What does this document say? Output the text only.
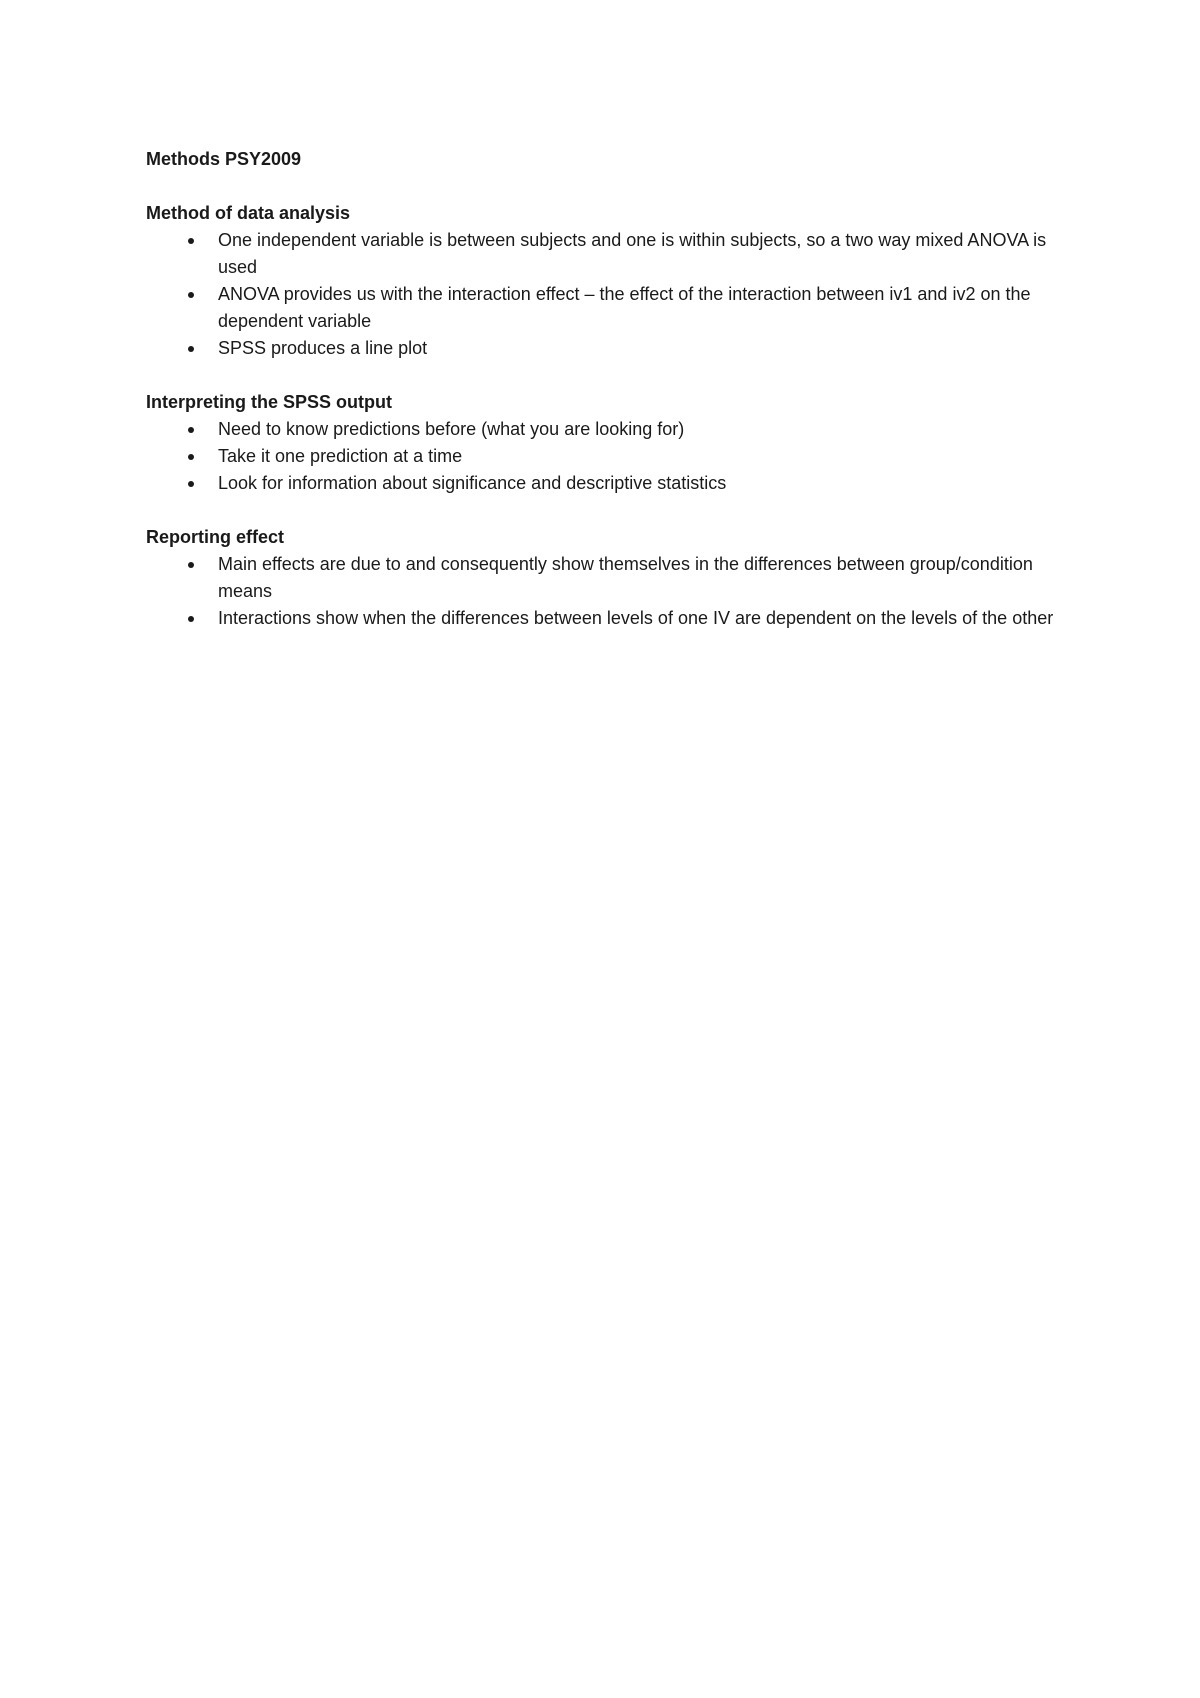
Methods PSY2009

Method of data analysis

One independent variable is between subjects and one is within subjects, so a two way mixed ANOVA is used
ANOVA provides us with the interaction effect – the effect of the interaction between iv1 and iv2 on the dependent variable
SPSS produces a line plot

Interpreting the SPSS output

Need to know predictions before (what you are looking for)
Take it one prediction at a time
Look for information about significance and descriptive statistics

Reporting effect

Main effects are due to and consequently show themselves in the differences between group/condition means
Interactions show when the differences between levels of one IV are dependent on the levels of the other
